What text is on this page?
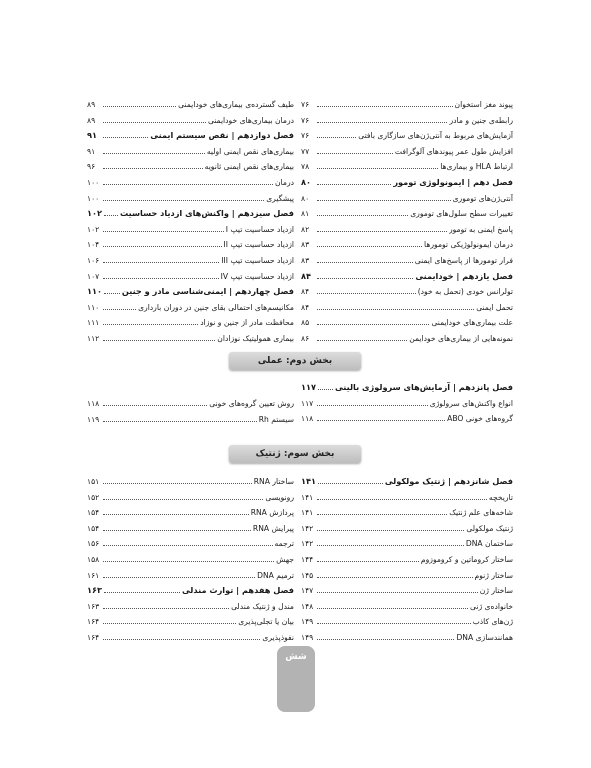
پیوند مغز استخوان
۷۶
رابطه‌ی جنین و مادر
۷۶
آزمایش‌های مربوط به آنتی‌ژن‌های سازگاری بافتی
۷۶
افزایش طول عمر پیوندهای آلوگرافت
۷۷
ارتباط HLA و بیماری‌ها
۷۸
فصل دهم | ایمونولوژی تومور
۸۰
آنتی‌ژن‌های توموری
۸۰
تغییرات سطح سلول‌های توموری
۸۱
پاسخ ایمنی به تومور
۸۲
درمان ایمونولوژیکی تومورها
۸۳
فرار تومورها از پاسخ‌های ایمنی
۸۳
فصل یازدهم | خودایمنی
۸۴
تولرانس خودی (تحمل به خود)
۸۴
تحمل ایمنی
۸۴
علت بیماری‌های خودایمنی
۸۵
نمونه‌هایی از بیماری‌های خودایمن
۸۶
طیف گسترده‌ی بیماری‌های خودایمنی
۸۹
درمان بیماری‌های خودایمنی
۸۹
فصل دوازدهم | نقص سیستم ایمنی
۹۱
بیماری‌های نقص ایمنی اولیه
۹۱
بیماری‌های نقص ایمنی ثانویه
۹۶
درمان
۱۰۰
پیشگیری
۱۰۰
فصل سیزدهم | واکنش‌های ازدیاد حساسیت
۱۰۲
ازدیاد حساسیت تیپ I
۱۰۲
ازدیاد حساسیت تیپ II
۱۰۴
ازدیاد حساسیت تیپ III
۱۰۶
ازدیاد حساسیت تیپ IV
۱۰۷
فصل چهاردهم | ایمنی‌شناسی مادر و جنین
۱۱۰
مکانیسم‌های احتمالی بقای جنین در دوران بارداری
۱۱۰
محافظت مادر از جنین و نوزاد
۱۱۱
بیماری همولیتیک نوزادان
۱۱۲
بخش دوم: عملی
فصل پانزدهم | آزمایش‌های سرولوژی بالینی
۱۱۷
انواع واکنش‌های سرولوژی
۱۱۷
گروه‌های خونی ABO
۱۱۸
روش تعیین گروه‌های خونی
۱۱۸
سیستم Rh
۱۱۹
بخش سوم: ژنتیک
فصل شانزدهم | ژنتیک مولکولی
۱۴۱
تاریخچه
۱۴۱
شاخه‌های علم ژنتیک
۱۴۱
ژنتیک مولکولی
۱۴۲
ساختمان DNA
۱۴۲
ساختار کروماتین و کروموزوم
۱۴۴
ساختار ژنوم
۱۴۵
ساختار ژن
۱۴۷
خانواده‌ی ژنی
۱۴۸
ژن‌های کاذب
۱۴۹
همانندسازی DNA
۱۴۹
ساختار RNA
۱۵۱
رونویسی
۱۵۲
پردازش RNA
۱۵۴
پیرایش RNA
۱۵۴
ترجمه
۱۵۶
جهش
۱۵۸
ترمیم DNA
۱۶۱
فصل هفدهم | توارث مندلی
۱۶۳
مندل و ژنتیک مندلی
۱۶۳
بیان یا تجلی‌پذیری
۱۶۴
نفوذپذیری
۱۶۴
شش
